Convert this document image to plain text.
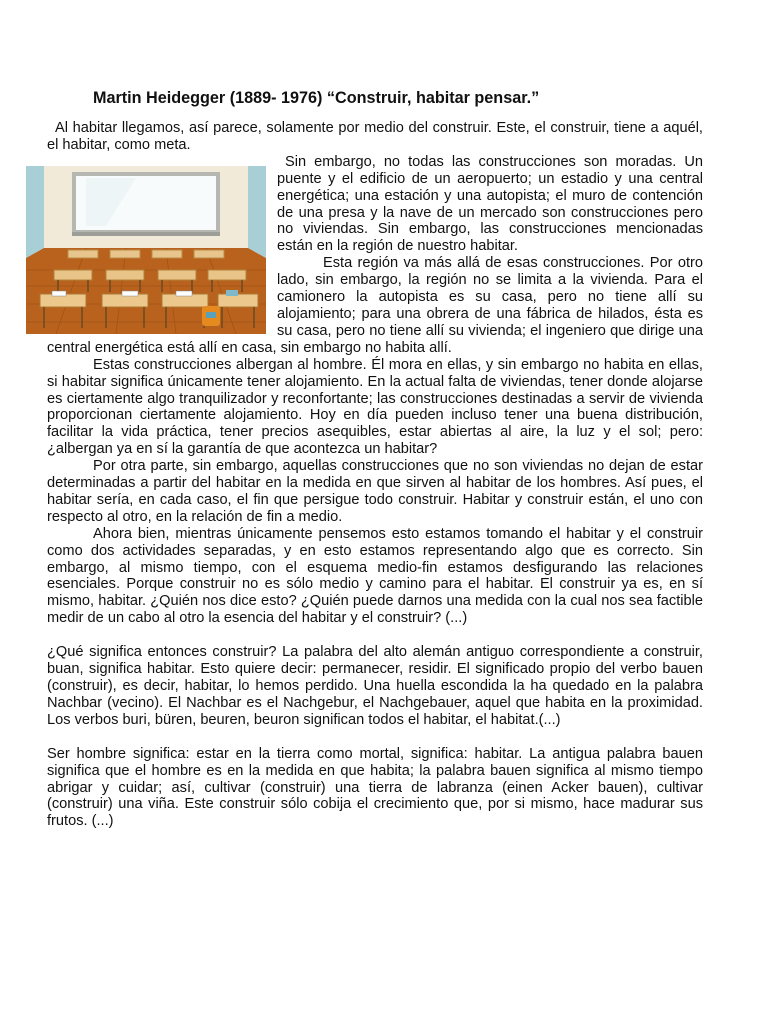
Martin Heidegger (1889- 1976) “Construir, habitar pensar.”

Al habitar llegamos, así parece, solamente por medio del construir. Este, el construir, tiene a aquél, el habitar, como meta.

Sin embargo, no todas las construcciones son moradas. Un puente y el edificio de un aeropuerto; un estadio y una central energética; una estación y una autopista; el muro de contención de una presa y la nave de un mercado son construcciones pero no viviendas. Sin embargo, las construcciones mencionadas están en la región de nuestro habitar.

Esta región va más allá de esas construcciones. Por otro lado, sin embargo, la región no se limita a la vivienda. Para el camionero la autopista es su casa, pero no tiene allí su alojamiento; para una obrera de una fábrica de hilados, ésta es su casa, pero no tiene allí su vivienda; el ingeniero que dirige una central energética está allí en casa, sin embargo no habita allí.

Estas construcciones albergan al hombre. Él mora en ellas, y sin embargo no habita en ellas, si habitar significa únicamente tener alojamiento. En la actual falta de viviendas, tener donde alojarse es ciertamente algo tranquilizador y reconfortante; las construcciones destinadas a servir de vivienda proporcionan ciertamente alojamiento. Hoy en día pueden incluso tener una buena distribución, facilitar la vida práctica, tener precios asequibles, estar abiertas al aire, la luz y el sol; pero: ¿albergan ya en sí la garantía de que acontezca un habitar?

Por otra parte, sin embargo, aquellas construcciones que no son viviendas no dejan de estar determinadas a partir del habitar en la medida en que sirven al habitar de los hombres. Así pues, el habitar sería, en cada caso, el fin que persigue todo construir. Habitar y construir están, el uno con respecto al otro, en la relación de fin a medio.

Ahora bien, mientras únicamente pensemos esto estamos tomando el habitar y el construir como dos actividades separadas, y en esto estamos representando algo que es correcto. Sin embargo, al mismo tiempo, con el esquema medio-fin estamos desfigurando las relaciones esenciales. Porque construir no es sólo medio y camino para el habitar. El construir ya es, en sí mismo, habitar. ¿Quién nos dice esto? ¿Quién puede darnos una medida con la cual nos sea factible medir de un cabo al otro la esencia del habitar y el construir? (...)

¿Qué significa entonces construir? La palabra del alto alemán antiguo correspondiente a construir, buan, significa habitar. Esto quiere decir: permanecer, residir. El significado propio del verbo bauen (construir), es decir, habitar, lo hemos perdido. Una huella escondida la ha quedado en la palabra Nachbar (vecino). El Nachbar es el Nachgebur, el Nachgebauer, aquel que habita en la proximidad. Los verbos buri, büren, beuren, beuron significan todos el habitar, el habitat.(...)

Ser hombre significa: estar en la tierra como mortal, significa: habitar. La antigua palabra bauen significa que el hombre es en la medida en que habita; la palabra bauen significa al mismo tiempo abrigar y cuidar; así, cultivar (construir) una tierra de labranza (einen Acker bauen), cultivar (construir) una viña. Este construir sólo cobija el crecimiento que, por si mismo, hace madurar sus frutos. (...)
